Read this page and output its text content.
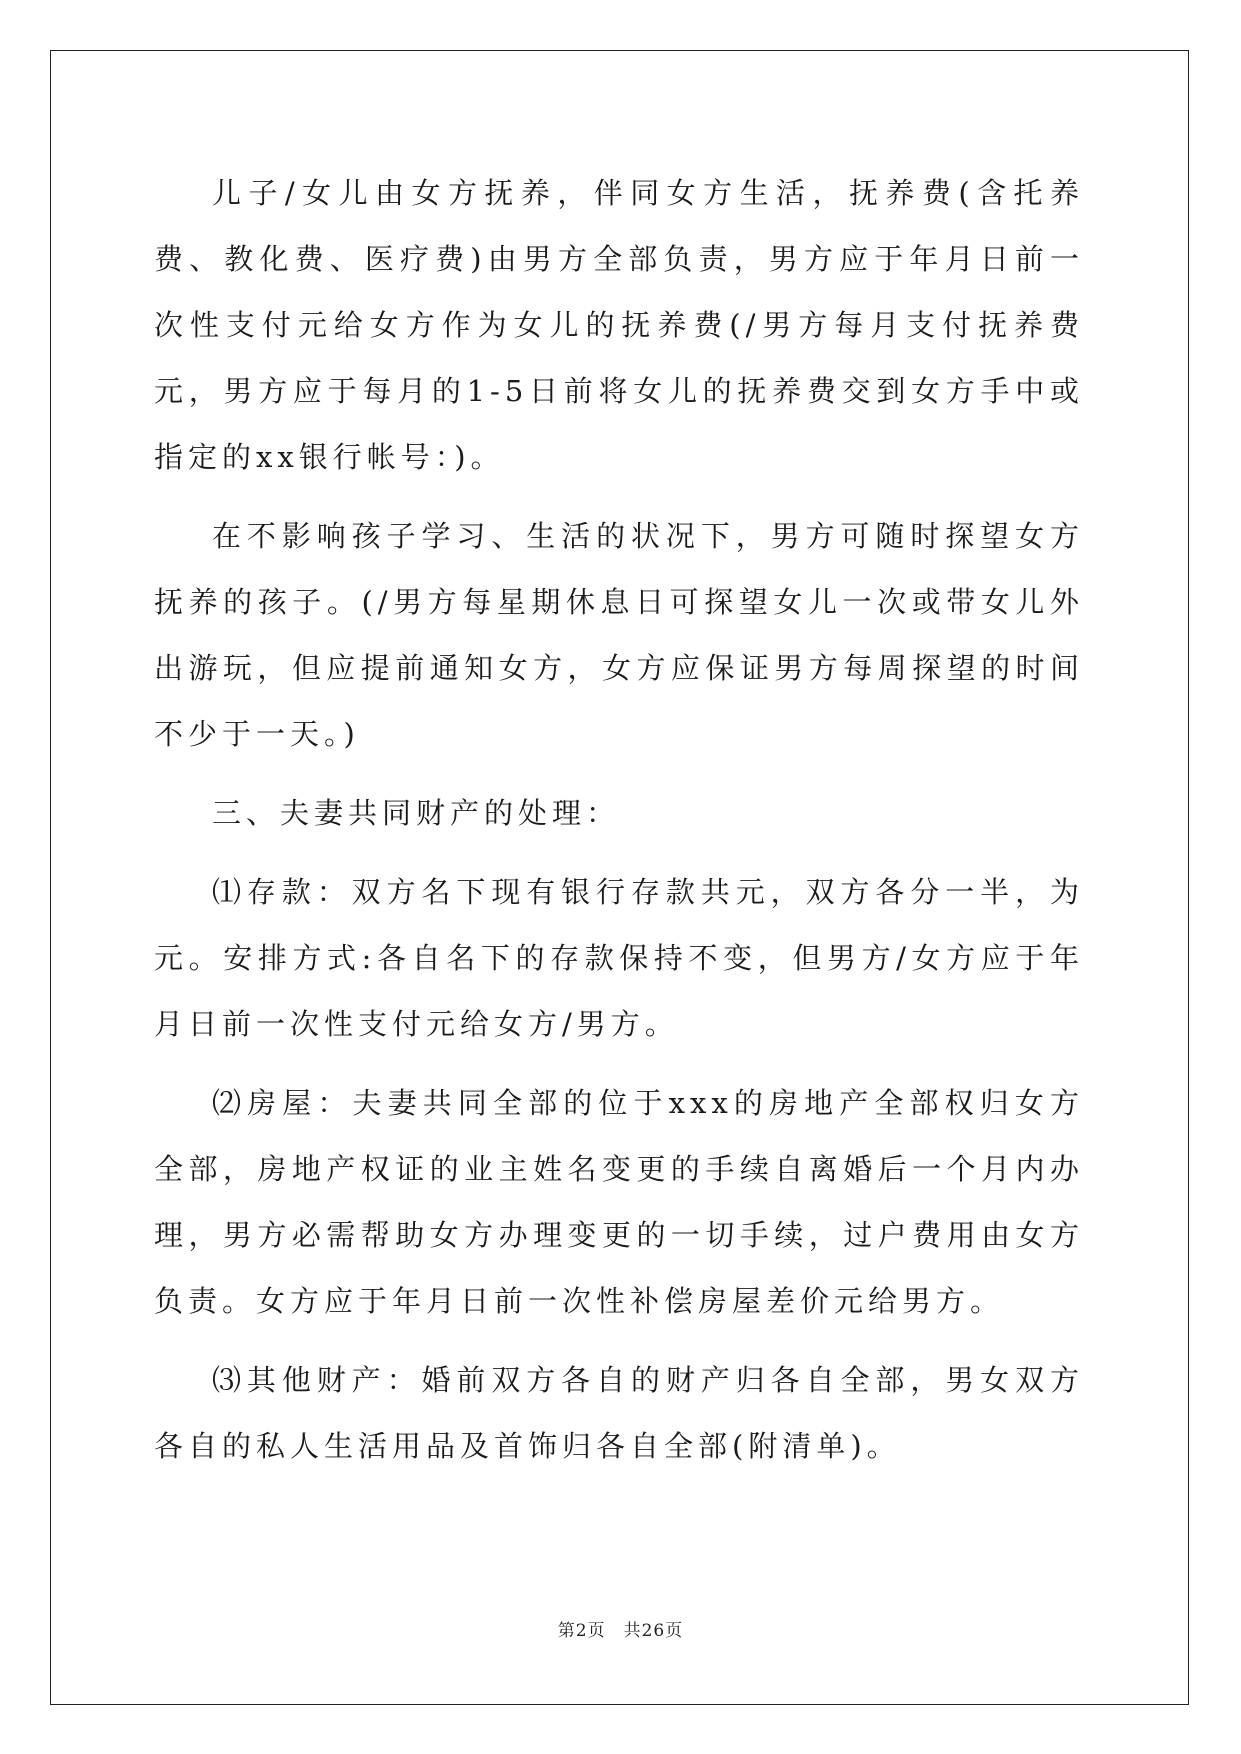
儿子/女儿由女方抚养，伴同女方生活，抚养费(含托养费、教化费、医疗费)由男方全部负责，男方应于年月日前一次性支付元给女方作为女儿的抚养费(/男方每月支付抚养费元，男方应于每月的1-5日前将女儿的抚养费交到女方手中或指定的xx银行帐号：)。

在不影响孩子学习、生活的状况下，男方可随时探望女方抚养的孩子。(/男方每星期休息日可探望女儿一次或带女儿外出游玩，但应提前通知女方，女方应保证男方每周探望的时间不少于一天。)

三、夫妻共同财产的处理：

⑴存款：双方名下现有银行存款共元，双方各分一半，为元。安排方式:各自名下的存款保持不变，但男方/女方应于年月日前一次性支付元给女方/男方。

⑵房屋：夫妻共同全部的位于xxx的房地产全部权归女方全部，房地产权证的业主姓名变更的手续自离婚后一个月内办理，男方必需帮助女方办理变更的一切手续，过户费用由女方负责。女方应于年月日前一次性补偿房屋差价元给男方。

⑶其他财产：婚前双方各自的财产归各自全部，男女双方各自的私人生活用品及首饰归各自全部(附清单)。

第2页　共26页
